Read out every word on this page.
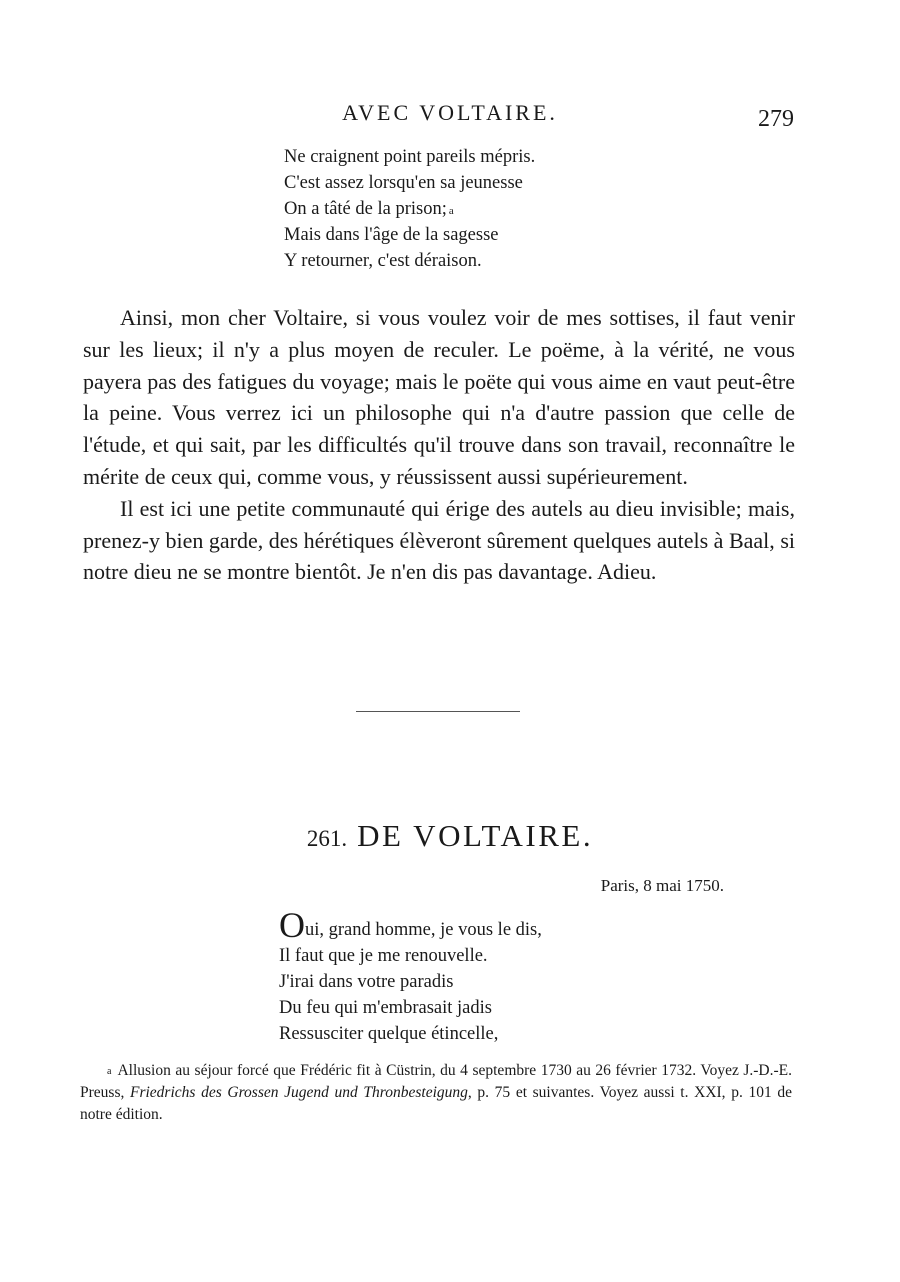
AVEC VOLTAIRE.	279
Ne craignent point pareils mépris.
C'est assez lorsqu'en sa jeunesse
On a tâté de la prison; $^a$
Mais dans l'âge de la sagesse
Y retourner, c'est déraison.

Ainsi, mon cher Voltaire, si vous voulez voir de mes sottises, il faut venir sur les lieux; il n'y a plus moyen de reculer. Le poëme, à la vérité, ne vous payera pas des fatigues du voyage; mais le poëte qui vous aime en vaut peut-être la peine. Vous verrez ici un philosophe qui n'a d'autre passion que celle de l'étude, et qui sait, par les difficultés qu'il trouve dans son travail, reconnaître le mérite de ceux qui, comme vous, y réussissent aussi supérieurement.

Il est ici une petite communauté qui érige des autels au dieu invisible; mais, prenez-y bien garde, des hérétiques élèveront sûrement quelques autels à Baal, si notre dieu ne se montre bientôt. Je n'en dis pas davantage. Adieu.

261. DE VOLTAIRE.
Paris, 8 mai 1750.
Oui, grand homme, je vous le dis,
Il faut que je me renouvelle.
J'irai dans votre paradis
Du feu qui m'embrasait jadis
Ressusciter quelque étincelle,

$^a$ Allusion au séjour forcé que Frédéric fit à Cüstrin, du 4 septembre 1730 au 26 février 1732. Voyez J.-D.-E. Preuss, Friedrichs des Grossen Jugend und Thronbesteigung, p. 75 et suivantes. Voyez aussi t. XXI, p. 101 de notre édition.
